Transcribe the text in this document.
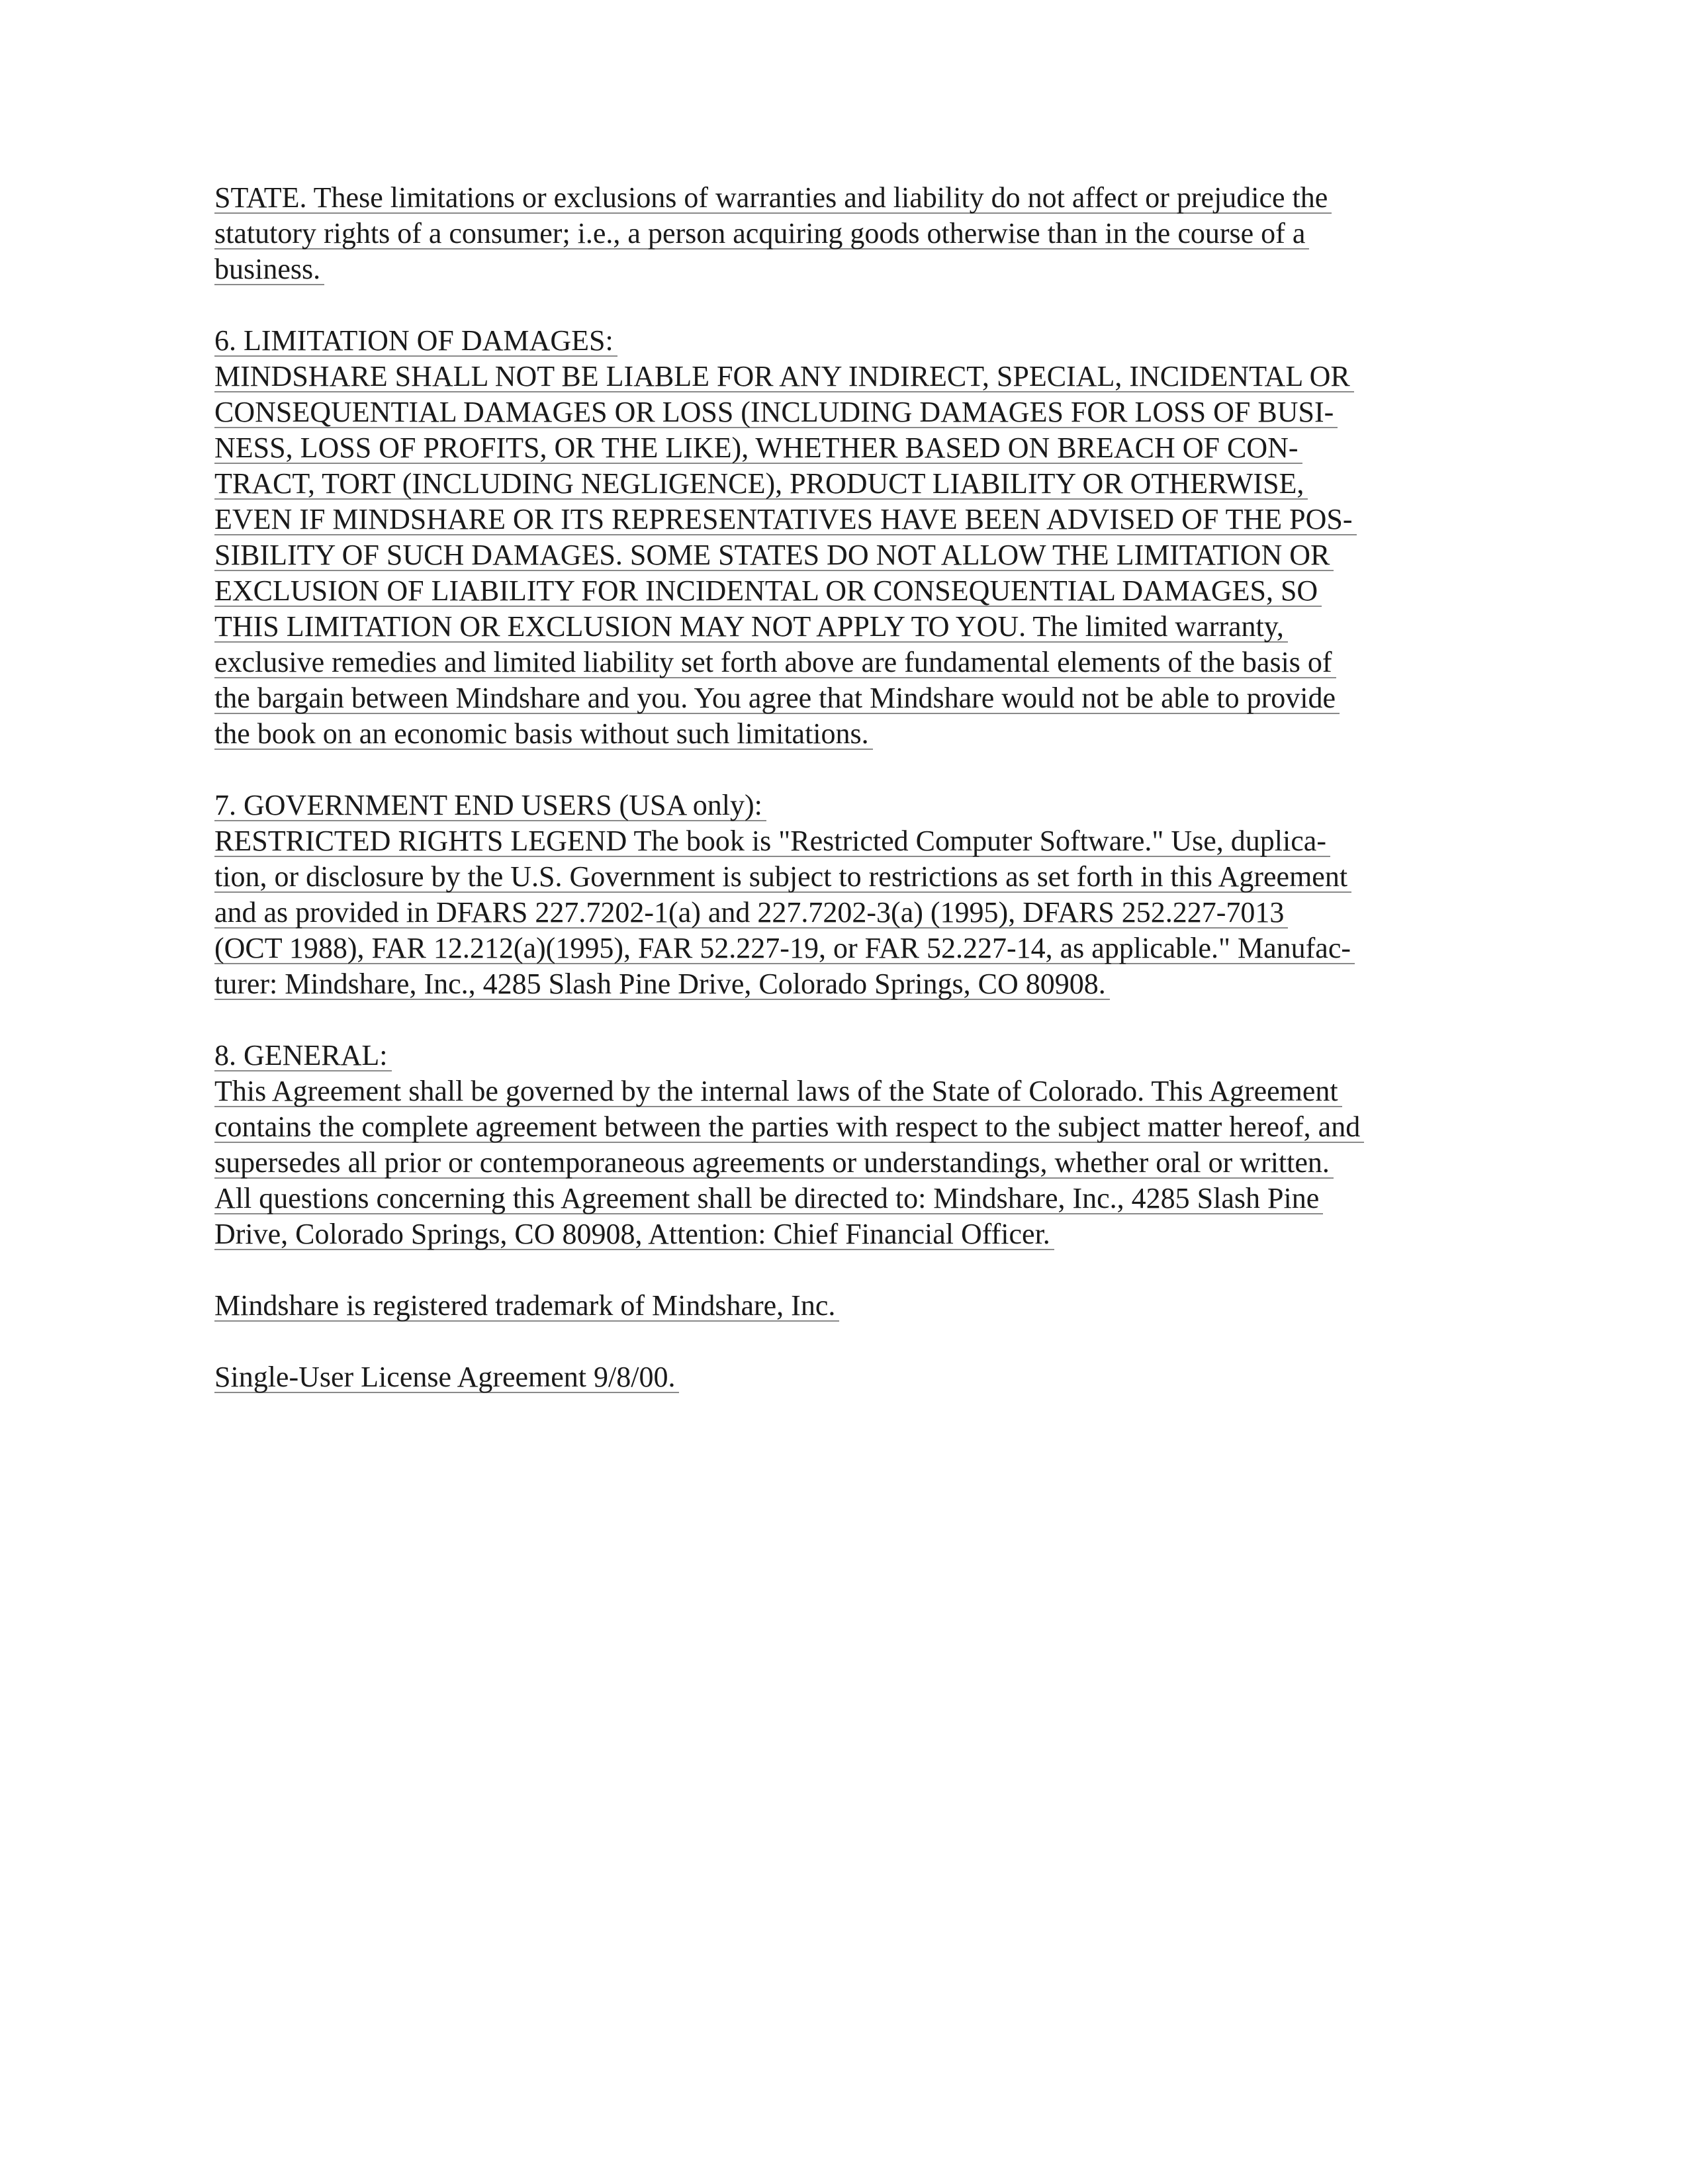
STATE. These limitations or exclusions of warranties and liability do not affect or prejudice the
statutory rights of a consumer; i.e., a person acquiring goods otherwise than in the course of a
business.
6. LIMITATION OF DAMAGES:
MINDSHARE SHALL NOT BE LIABLE FOR ANY INDIRECT, SPECIAL, INCIDENTAL OR
CONSEQUENTIAL DAMAGES OR LOSS (INCLUDING DAMAGES FOR LOSS OF BUSI-
NESS, LOSS OF PROFITS, OR THE LIKE), WHETHER BASED ON BREACH OF CON-
TRACT, TORT (INCLUDING NEGLIGENCE), PRODUCT LIABILITY OR OTHERWISE,
EVEN IF MINDSHARE OR ITS REPRESENTATIVES HAVE BEEN ADVISED OF THE POS-
SIBILITY OF SUCH DAMAGES. SOME STATES DO NOT ALLOW THE LIMITATION OR
EXCLUSION OF LIABILITY FOR INCIDENTAL OR CONSEQUENTIAL DAMAGES, SO
THIS LIMITATION OR EXCLUSION MAY NOT APPLY TO YOU. The limited warranty,
exclusive remedies and limited liability set forth above are fundamental elements of the basis of
the bargain between Mindshare and you. You agree that Mindshare would not be able to provide
the book on an economic basis without such limitations.
7. GOVERNMENT END USERS (USA only):
RESTRICTED RIGHTS LEGEND The book is "Restricted Computer Software." Use, duplica-
tion, or disclosure by the U.S. Government is subject to restrictions as set forth in this Agreement
and as provided in DFARS 227.7202-1(a) and 227.7202-3(a) (1995), DFARS 252.227-7013
(OCT 1988), FAR 12.212(a)(1995), FAR 52.227-19, or FAR 52.227-14, as applicable." Manufac-
turer: Mindshare, Inc., 4285 Slash Pine Drive, Colorado Springs, CO 80908.
8. GENERAL:
This Agreement shall be governed by the internal laws of the State of Colorado. This Agreement
contains the complete agreement between the parties with respect to the subject matter hereof, and
supersedes all prior or contemporaneous agreements or understandings, whether oral or written.
All questions concerning this Agreement shall be directed to: Mindshare, Inc., 4285 Slash Pine
Drive, Colorado Springs, CO 80908, Attention: Chief Financial Officer.
Mindshare is registered trademark of Mindshare, Inc.
Single-User License Agreement 9/8/00.
